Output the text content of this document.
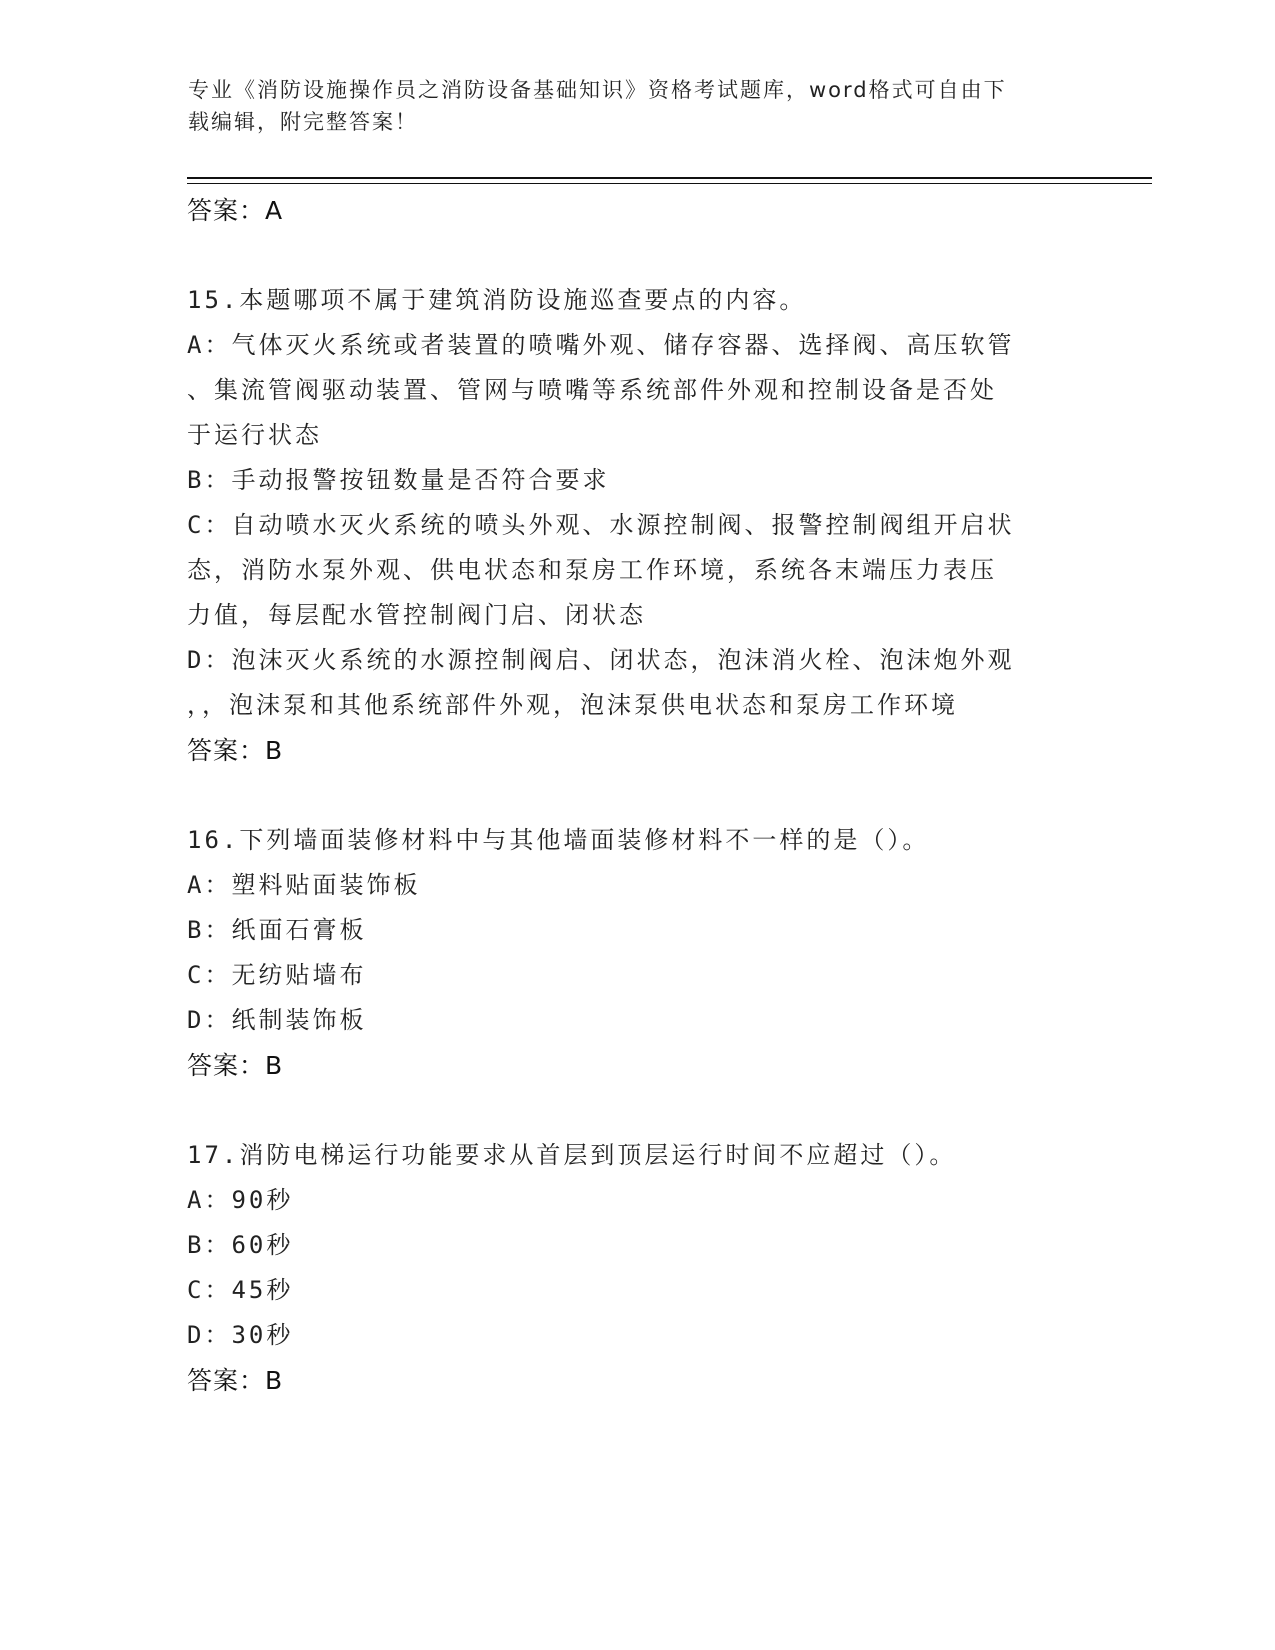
专业《消防设施操作员之消防设备基础知识》资格考试题库，word格式可自由下
载编辑，附完整答案！
答案：A
15.本题哪项不属于建筑消防设施巡查要点的内容。
A：气体灭火系统或者装置的喷嘴外观、储存容器、选择阀、高压软管
、集流管阀驱动装置、管网与喷嘴等系统部件外观和控制设备是否处
于运行状态
B：手动报警按钮数量是否符合要求
C：自动喷水灭火系统的喷头外观、水源控制阀、报警控制阀组开启状
态，消防水泵外观、供电状态和泵房工作环境，系统各末端压力表压
力值，每层配水管控制阀门启、闭状态
D：泡沫灭火系统的水源控制阀启、闭状态，泡沫消火栓、泡沫炮外观
，，泡沫泵和其他系统部件外观，泡沫泵供电状态和泵房工作环境
答案：B
16.下列墙面装修材料中与其他墙面装修材料不一样的是（）。
A：塑料贴面装饰板
B：纸面石膏板
C：无纺贴墙布
D：纸制装饰板
答案：B
17.消防电梯运行功能要求从首层到顶层运行时间不应超过（）。
A：90秒
B：60秒
C：45秒
D：30秒
答案：B
